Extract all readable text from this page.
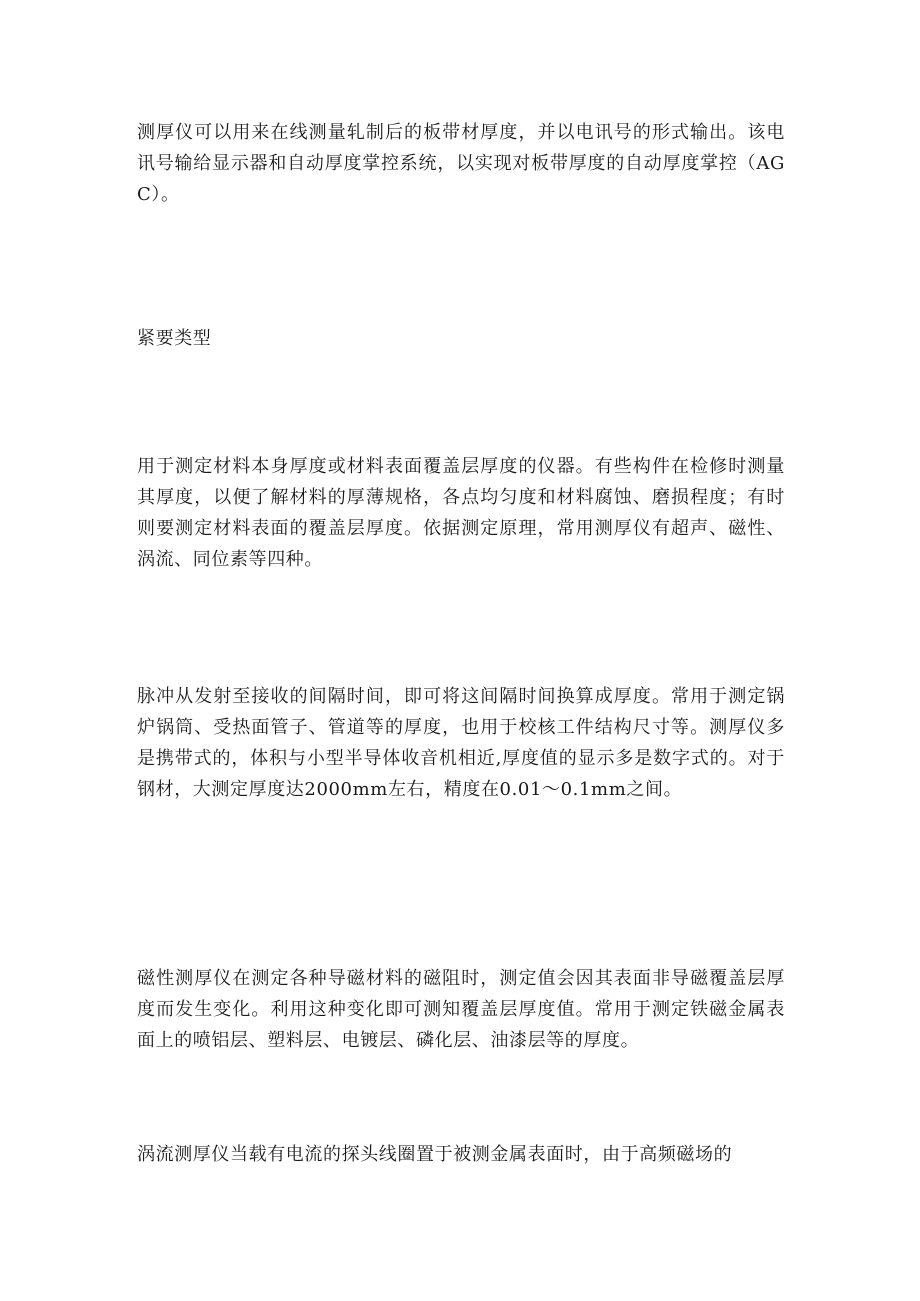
测厚仪可以用来在线测量轧制后的板带材厚度，并以电讯号的形式输出。该电讯号输给显示器和自动厚度掌控系统，以实现对板带厚度的自动厚度掌控（AGC）。

紧要类型

用于测定材料本身厚度或材料表面覆盖层厚度的仪器。有些构件在检修时测量其厚度，以便了解材料的厚薄规格，各点均匀度和材料腐蚀、磨损程度；有时则要测定材料表面的覆盖层厚度。依据测定原理，常用测厚仪有超声、磁性、涡流、同位素等四种。

脉冲从发射至接收的间隔时间，即可将这间隔时间换算成厚度。常用于测定锅炉锅筒、受热面管子、管道等的厚度，也用于校核工件结构尺寸等。测厚仪多是携带式的，体积与小型半导体收音机相近,厚度值的显示多是数字式的。对于钢材，大测定厚度达2000mm左右，精度在0.01～0.1mm之间。

磁性测厚仪在测定各种导磁材料的磁阻时，测定值会因其表面非导磁覆盖层厚度而发生变化。利用这种变化即可测知覆盖层厚度值。常用于测定铁磁金属表面上的喷铝层、塑料层、电镀层、磷化层、油漆层等的厚度。

涡流测厚仪当载有电流的探头线圈置于被测金属表面时，由于高频磁场的
